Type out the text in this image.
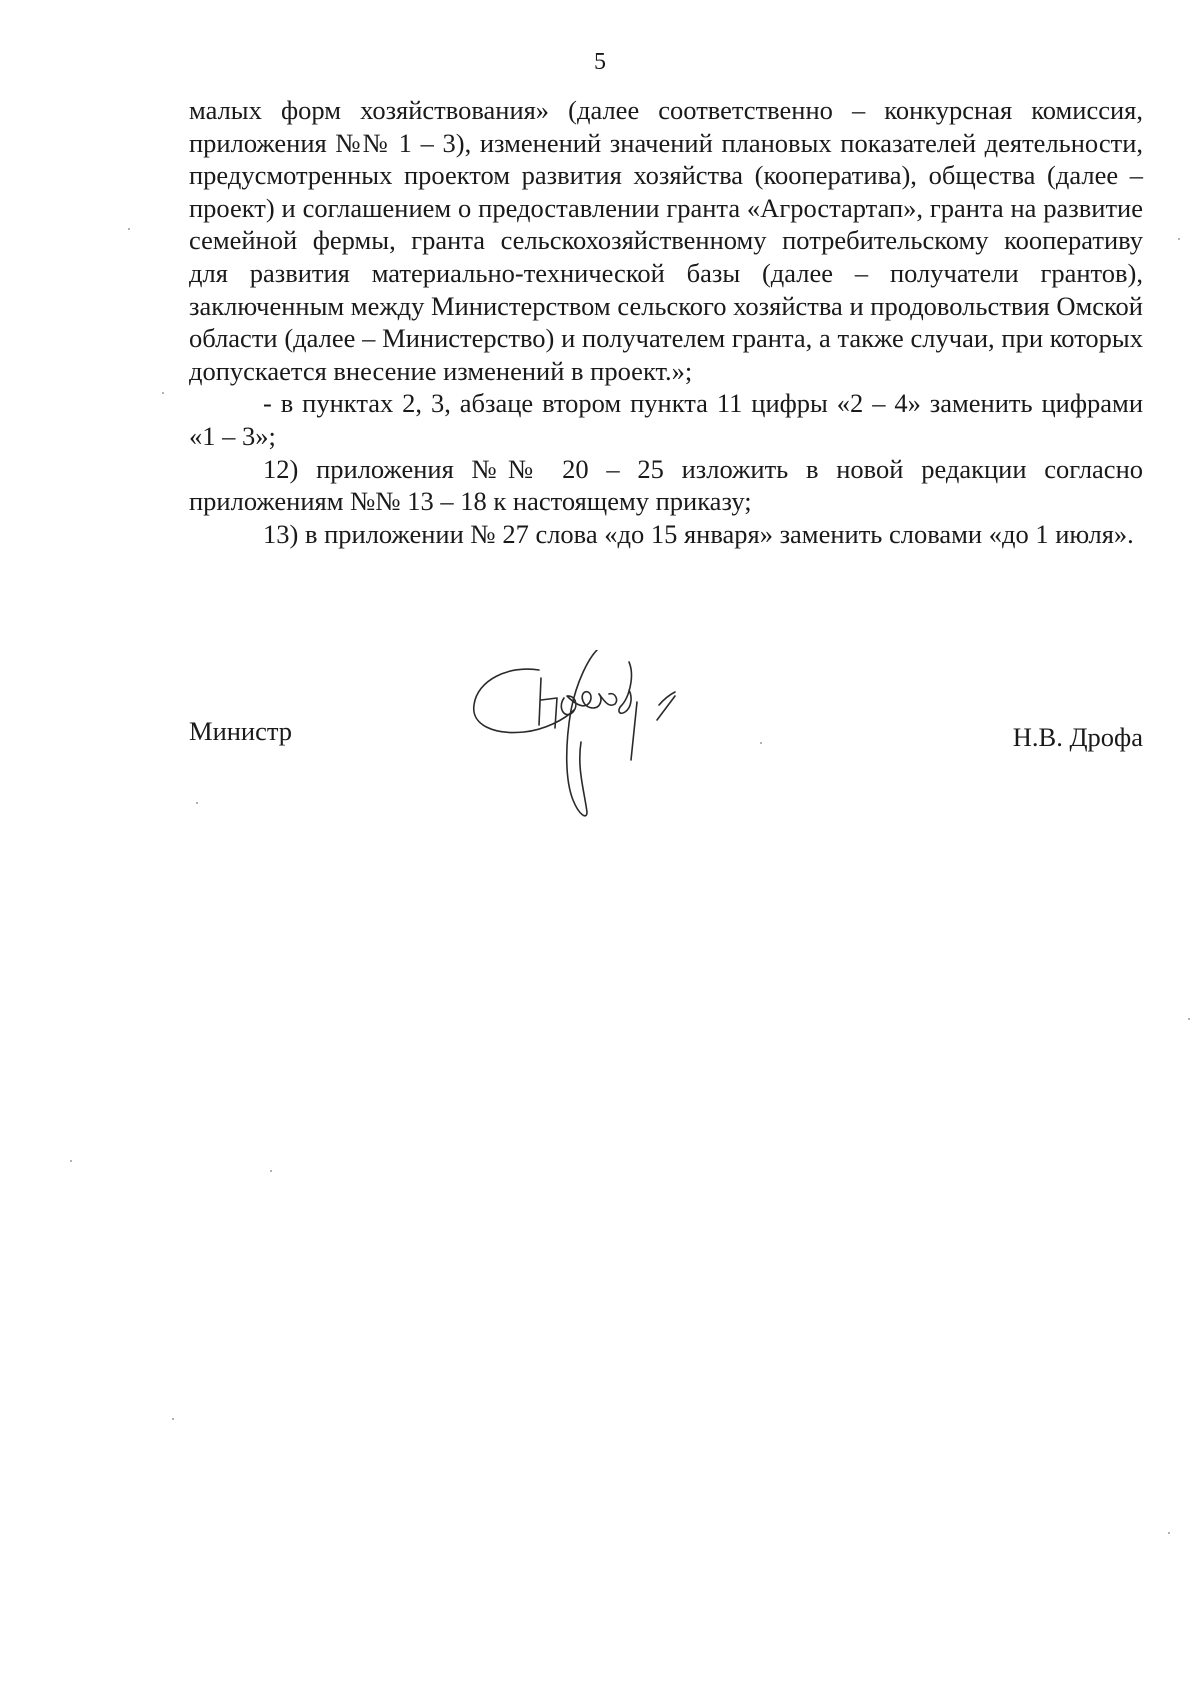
5

малых форм хозяйствования» (далее соответственно – конкурсная комиссия, приложения №№ 1 – 3), изменений значений плановых показателей деятельности, предусмотренных проектом развития хозяйства (кооператива), общества (далее – проект) и соглашением о предоставлении гранта «Агростартап», гранта на развитие семейной фермы, гранта сельскохозяйственному потребительскому кооперативу для развития материально-технической базы (далее – получатели грантов), заключенным между Министерством сельского хозяйства и продовольствия Омской области (далее – Министерство) и получателем гранта, а также случаи, при которых допускается внесение изменений в проект.»;

- в пунктах 2, 3, абзаце втором пункта 11 цифры «2 – 4» заменить цифрами «1 – 3»;

12) приложения №№ 20 – 25 изложить в новой редакции согласно приложениям №№ 13 – 18 к настоящему приказу;

13) в приложении № 27 слова «до 15 января» заменить словами «до 1 июля».

Министр	Н.В. Дрофа
